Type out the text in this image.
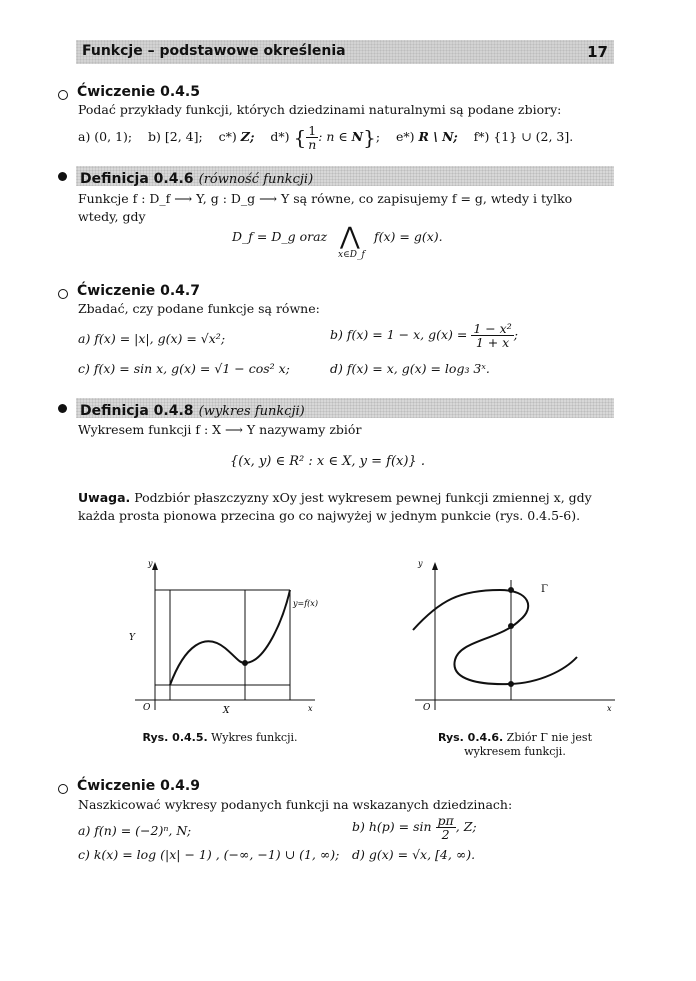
Funkcje – podstawowe określenia	17
Ćwiczenie 0.4.5
Podać przykłady funkcji, których dziedzinami naturalnymi są podane zbiory:
a) (0, 1); b) [2, 4]; c*) Z; d*) { $\frac{1}{n}$ : n ∈ N}; e*) R \ N; f*) {1} ∪ (2, 3].
Definicja 0.4.6 (równość funkcji)
Funkcje f : D_f ⟶ Y, g : D_g ⟶ Y są równe, co zapisujemy f = g, wtedy i tylko
wtedy, gdy
D_f = D_g oraz ⋀
x∈D_f
f(x) = g(x).
Ćwiczenie 0.4.7
Zbadać, czy podane funkcje są równe:
a) f(x) = |x|, g(x) = √x²;	b) f(x) = 1 − x, $g(x) = \frac{\text{1 − x²}}{1 + x}$ ;
c) f(x) = sin x, g(x) = √1 − cos² x;	d) f(x) = x, g(x) = log₃ 3ˣ.
Definicja 0.4.8 (wykres funkcji)
Wykresem funkcji f : X ⟶ Y nazywamy zbiór
{(x, y) ∈ R² : x ∈ X, y = f(x)} .
Uwaga. Podzbiór płaszczyzny xOy jest wykresem pewnej funkcji zmiennej x, gdy
każda prosta pionowa przecina go co najwyżej w jednym punkcie (rys. 0.4.5-6).
y
x
O
Y
X
y=f(x)
Rys. 0.4.5. Wykres funkcji.
y
x
O
Γ
Rys. 0.4.6. Zbiór Γ nie jest
wykresem funkcji.
Ćwiczenie 0.4.9
Naszkicować wykresy podanych funkcji na wskazanych dziedzinach:
a) f(n) = (−2)ⁿ, N;	b) $h(p) = \sin \frac{p\pi}{2}$ , Z;
c) k(x) = log (|x| − 1) , (−∞, −1) ∪ (1, ∞); d) g(x) = √x, [4, ∞).
